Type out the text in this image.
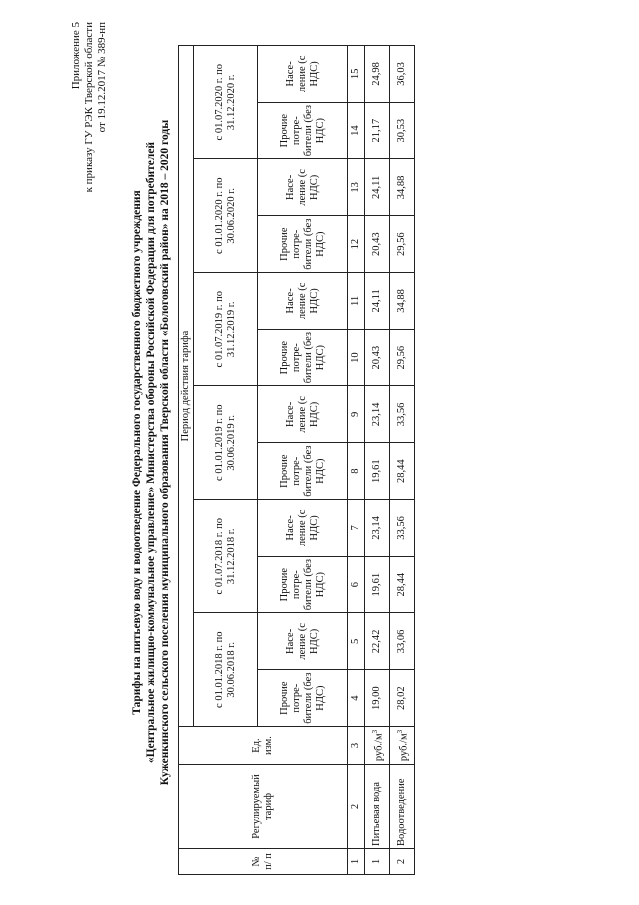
Приложение 5 к приказу ГУ РЭК Тверской области от 19.12.2017 № 389-нп
Тарифы на питьевую воду и водоотведение Федерального государственного бюджетного учреждения «Центральное жилищно-коммунальное управление» Министерства обороны Российской Федерации для потребителей Куженкинского сельского поселения муниципального образования Тверской области «Бологовский район» на 2018 – 2020 годы
№ п/ п	Регулируемый тариф	Ед. изм.	Период действия тарифа											
			с 01.01.2018 г. по 30.06.2018 г.		с 01.07.2018 г. по 31.12.2018 г.		с 01.01.2019 г. по 30.06.2019 г.		с 01.07.2019 г. по 31.12.2019 г.		с 01.01.2020 г. по 30.06.2020 г.		с 01.07.2020 г. по 31.12.2020 г.	
			Прочие потре- бители (без НДС)	Насе- ление (с НДС)	Прочие потре- бители (без НДС)	Насе- ление (с НДС)	Прочие потре- бители (без НДС)	Насе- ление (с НДС)	Прочие потре- бители (без НДС)	Насе- ление (с НДС)	Прочие потре- бители (без НДС)	Насе- ление (с НДС)	Прочие потре- бители (без НДС)	Насе- ление (с НДС)
1	2	3	4	5	6	7	8	9	10	11	12	13	14	15
1	Питьевая вода	$руб./м^3$	19,00	22,42	19,61	23,14	19,61	23,14	20,43	24,11	20,43	24,11	21,17	24,98
2	Водоотведение	$руб./м^3$	28,02	33,06	28,44	33,56	28,44	33,56	29,56	34,88	29,56	34,88	30,53	36,03
